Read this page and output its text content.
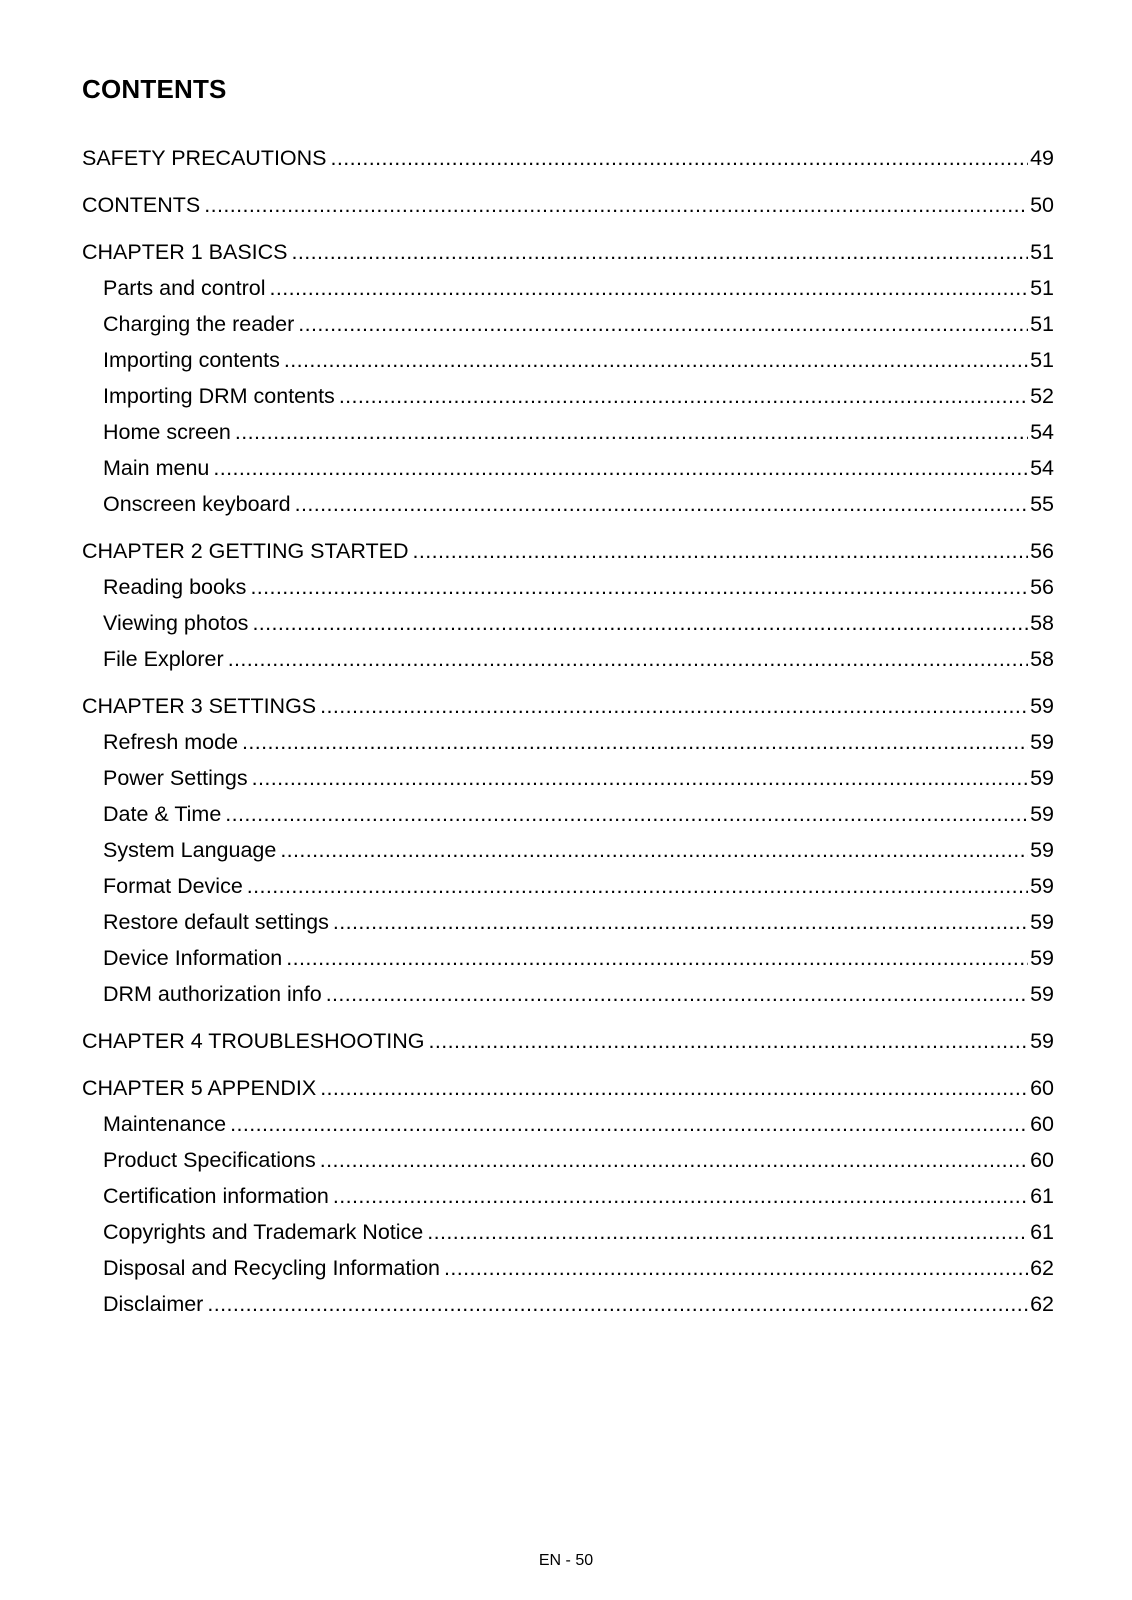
CONTENTS
SAFETY PRECAUTIONS .....	49
CONTENTS .....	50
CHAPTER 1 BASICS .....	51
Parts and control .....	51
Charging the reader .....	51
Importing contents .....	51
Importing DRM contents .....	52
Home screen .....	54
Main menu .....	54
Onscreen keyboard .....	55
CHAPTER 2 GETTING STARTED .....	56
Reading books .....	56
Viewing photos .....	58
File Explorer .....	58
CHAPTER 3 SETTINGS .....	59
Refresh mode .....	59
Power Settings .....	59
Date & Time .....	59
System Language .....	59
Format Device .....	59
Restore default settings .....	59
Device Information .....	59
DRM authorization info .....	59
CHAPTER 4 TROUBLESHOOTING .....	59
CHAPTER 5 APPENDIX .....	60
Maintenance .....	60
Product Specifications .....	60
Certification information .....	61
Copyrights and Trademark Notice .....	61
Disposal and Recycling Information .....	62
Disclaimer .....	62
EN - 50
